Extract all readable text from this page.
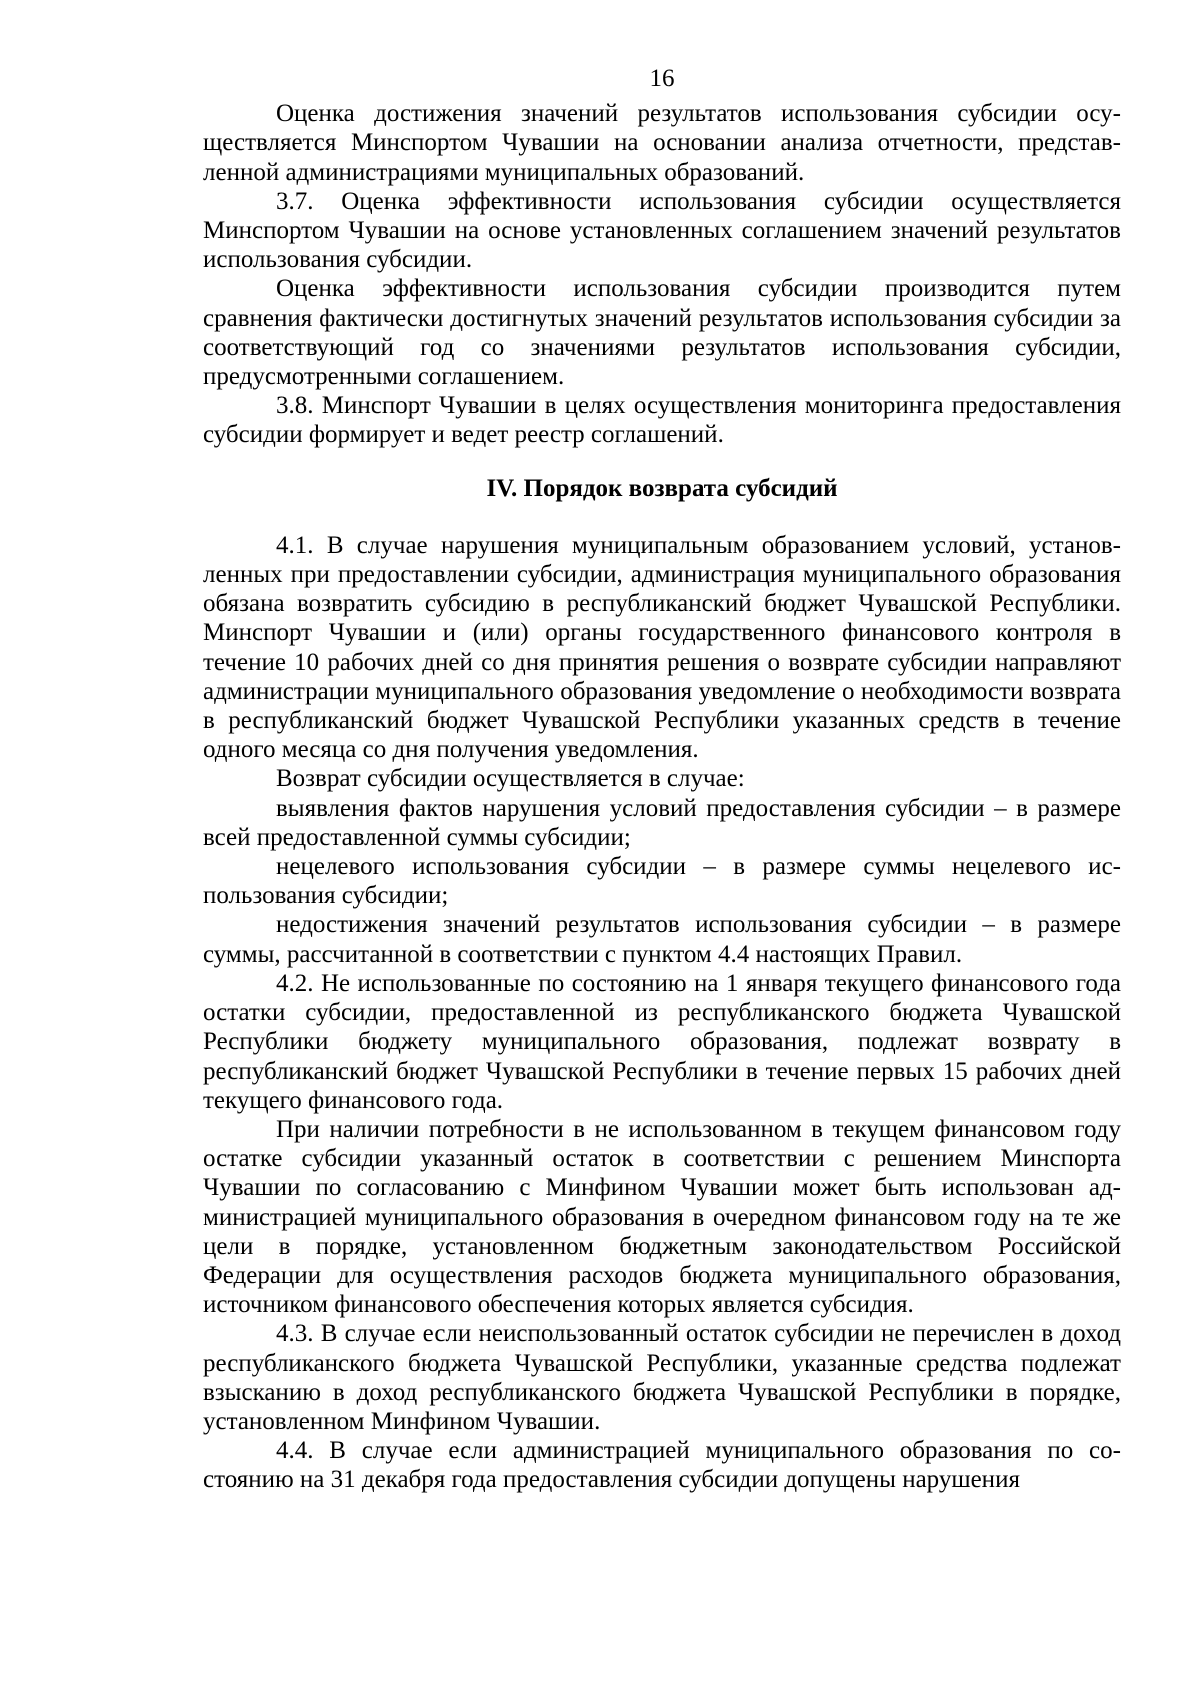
16

Оценка достижения значений результатов использования субсидии осуществляется Минспортом Чувашии на основании анализа отчетности, представленной администрациями муниципальных образований.

3.7. Оценка эффективности использования субсидии осуществляется Минспортом Чувашии на основе установленных соглашением значений результатов использования субсидии.

Оценка эффективности использования субсидии производится путем сравнения фактически достигнутых значений результатов использования субсидии за соответствующий год со значениями результатов использования субсидии, предусмотренными соглашением.

3.8. Минспорт Чувашии в целях осуществления мониторинга предоставления субсидии формирует и ведет реестр соглашений.

IV. Порядок возврата субсидий

4.1. В случае нарушения муниципальным образованием условий, установленных при предоставлении субсидии, администрация муниципального образования обязана возвратить субсидию в республиканский бюджет Чувашской Республики. Минспорт Чувашии и (или) органы государственного финансового контроля в течение 10 рабочих дней со дня принятия решения о возврате субсидии направляют администрации муниципального образования уведомление о необходимости возврата в республиканский бюджет Чувашской Республики указанных средств в течение одного месяца со дня получения уведомления.

Возврат субсидии осуществляется в случае:

выявления фактов нарушения условий предоставления субсидии – в размере всей предоставленной суммы субсидии;

нецелевого использования субсидии – в размере суммы нецелевого использования субсидии;

недостижения значений результатов использования субсидии – в размере суммы, рассчитанной в соответствии с пунктом 4.4 настоящих Правил.

4.2. Не использованные по состоянию на 1 января текущего финансового года остатки субсидии, предоставленной из республиканского бюджета Чувашской Республики бюджету муниципального образования, подлежат возврату в республиканский бюджет Чувашской Республики в течение первых 15 рабочих дней текущего финансового года.

При наличии потребности в не использованном в текущем финансовом году остатке субсидии указанный остаток в соответствии с решением Минспорта Чувашии по согласованию с Минфином Чувашии может быть использован администрацией муниципального образования в очередном финансовом году на те же цели в порядке, установленном бюджетным законодательством Российской Федерации для осуществления расходов бюджета муниципального образования, источником финансового обеспечения которых является субсидия.

4.3. В случае если неиспользованный остаток субсидии не перечислен в доход республиканского бюджета Чувашской Республики, указанные средства подлежат взысканию в доход республиканского бюджета Чувашской Республики в порядке, установленном Минфином Чувашии.

4.4. В случае если администрацией муниципального образования по состоянию на 31 декабря года предоставления субсидии допущены нарушения
